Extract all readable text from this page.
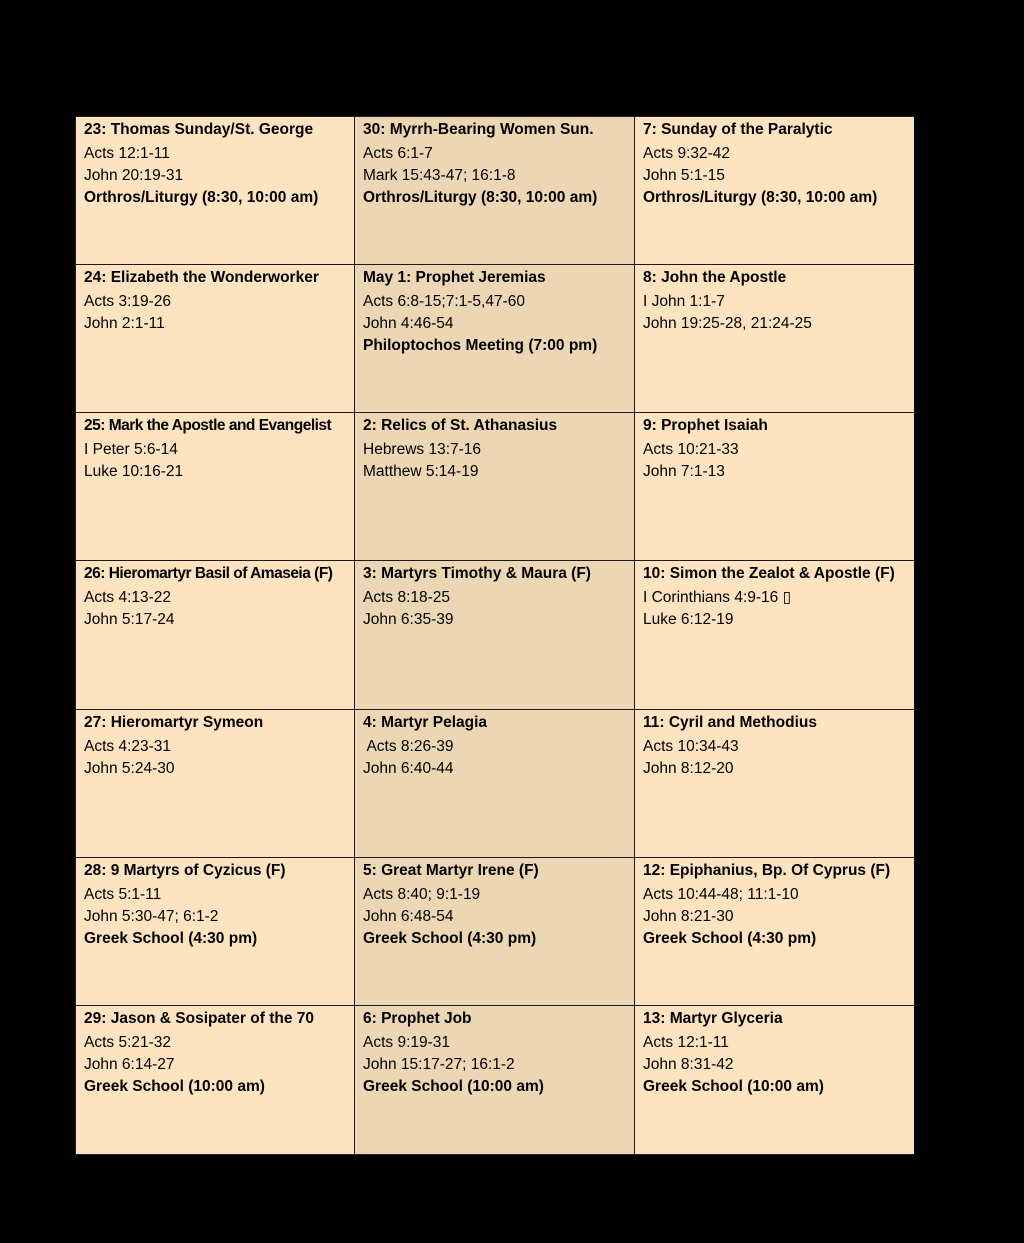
23: Thomas Sunday/St. George
Acts 12:1-11
John 20:19-31
Orthros/Liturgy (8:30, 10:00 am)
30: Myrrh-Bearing Women Sun.
Acts 6:1-7
Mark 15:43-47; 16:1-8
Orthros/Liturgy (8:30, 10:00 am)
7: Sunday of the Paralytic
Acts 9:32-42
John 5:1-15
Orthros/Liturgy (8:30, 10:00 am)
24: Elizabeth the Wonderworker
Acts 3:19-26
John 2:1-11
May 1: Prophet Jeremias
Acts 6:8-15;7:1-5,47-60
John 4:46-54
Philoptochos Meeting (7:00 pm)
8: John the Apostle
I John 1:1-7
John 19:25-28, 21:24-25
25: Mark the Apostle and Evangelist
I Peter 5:6-14
Luke 10:16-21
2: Relics of St. Athanasius
Hebrews 13:7-16
Matthew 5:14-19
9: Prophet Isaiah
Acts 10:21-33
John 7:1-13
26: Hieromartyr Basil of Amaseia (F)
Acts 4:13-22
John 5:17-24
3: Martyrs Timothy & Maura (F)
Acts 8:18-25
John 6:35-39
10: Simon the Zealot & Apostle (F)
I Corinthians 4:9-16 ▯
Luke 6:12-19
27: Hieromartyr Symeon
Acts 4:23-31
John 5:24-30
4: Martyr Pelagia
Acts 8:26-39
John 6:40-44
11: Cyril and Methodius
Acts 10:34-43
John 8:12-20
28: 9 Martyrs of Cyzicus (F)
Acts 5:1-11
John 5:30-47; 6:1-2
Greek School (4:30 pm)
5: Great Martyr Irene (F)
Acts 8:40; 9:1-19
John 6:48-54
Greek School (4:30 pm)
12: Epiphanius, Bp. Of Cyprus (F)
Acts 10:44-48; 11:1-10
John 8:21-30
Greek School (4:30 pm)
29: Jason & Sosipater of the 70
Acts 5:21-32
John 6:14-27
Greek School (10:00 am)
6: Prophet Job
Acts 9:19-31
John 15:17-27; 16:1-2
Greek School (10:00 am)
13: Martyr Glyceria
Acts 12:1-11
John 8:31-42
Greek School (10:00 am)
